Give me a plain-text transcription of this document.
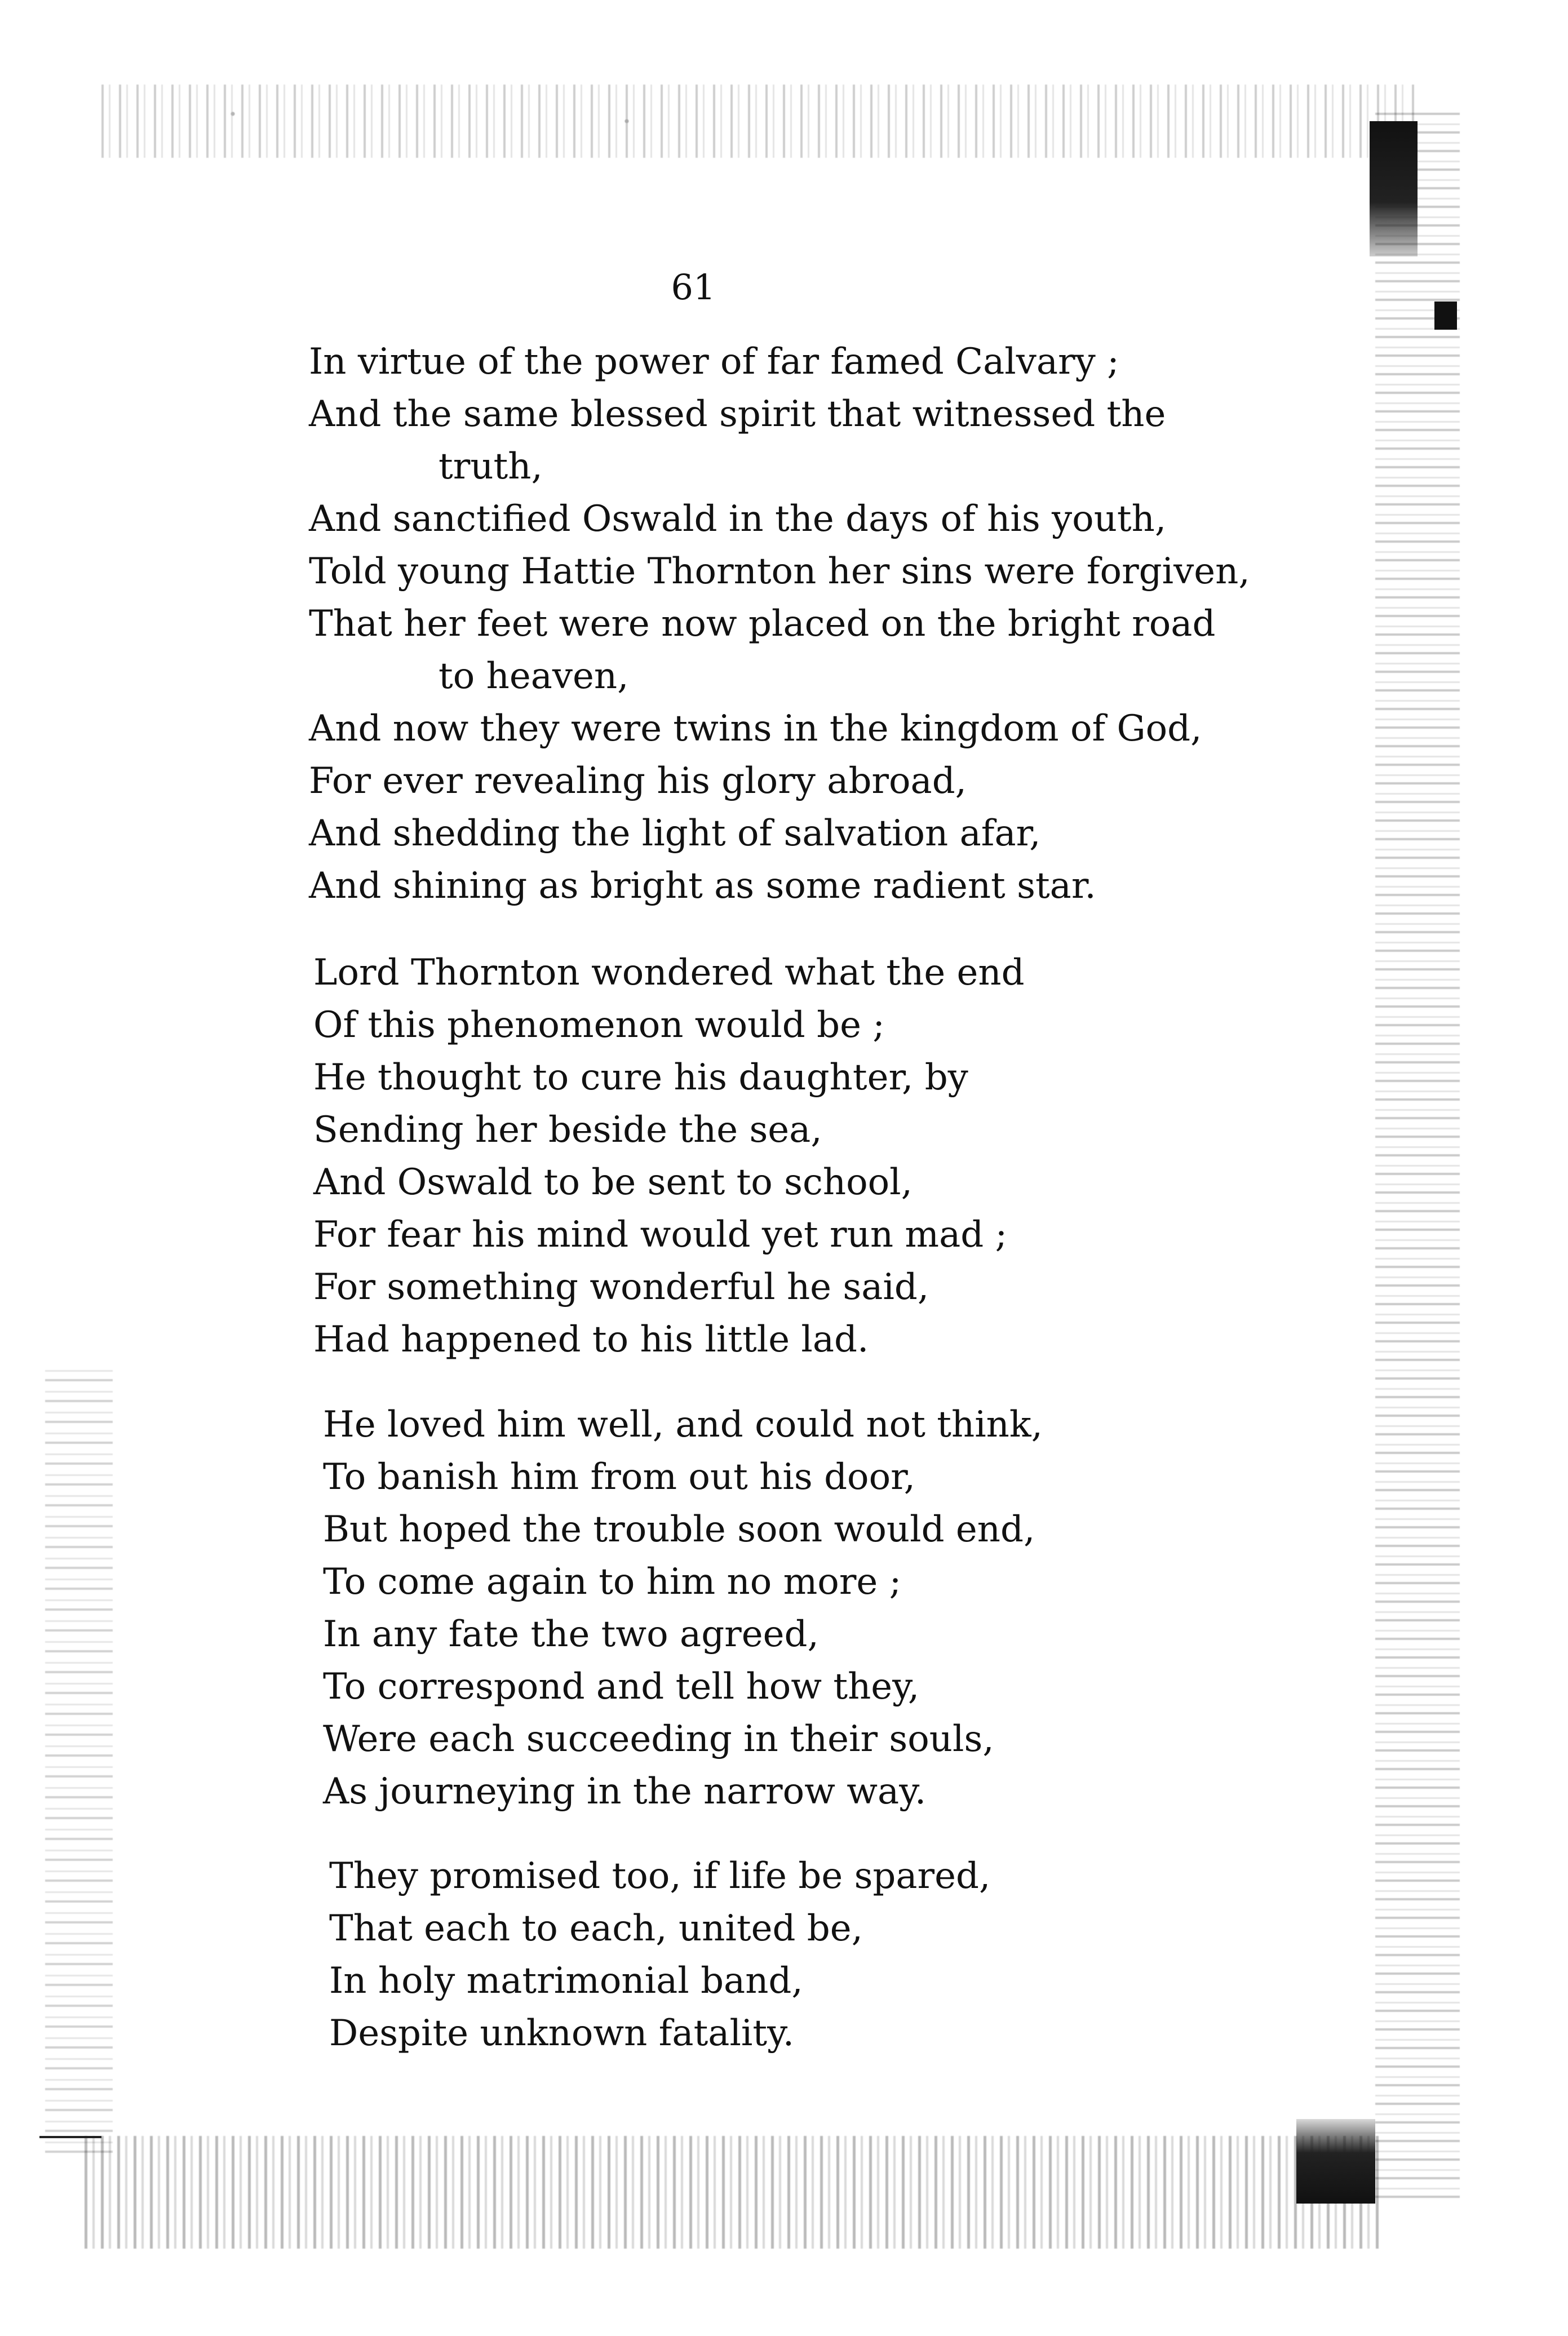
61
In virtue of the power of far famed Calvary ;
And the same blessed spirit that witnessed the
truth,
And sanctified Oswald in the days of his youth,
Told young Hattie Thornton her sins were forgiven,
That her feet were now placed on the bright road
to heaven,
And now they were twins in the kingdom of God,
For ever revealing his glory abroad,
And shedding the light of salvation afar,
And shining as bright as some radient star.
Lord Thornton wondered what the end
Of this phenomenon would be ;
He thought to cure his daughter, by
Sending her beside the sea,
And Oswald to be sent to school,
For fear his mind would yet run mad ;
For something wonderful he said,
Had happened to his little lad.
He loved him well, and could not think,
To banish him from out his door,
But hoped the trouble soon would end,
To come again to him no more ;
In any fate the two agreed,
To correspond and tell how they,
Were each succeeding in their souls,
As journeying in the narrow way.
They promised too, if life be spared,
That each to each, united be,
In holy matrimonial band,
Despite unknown fatality.
